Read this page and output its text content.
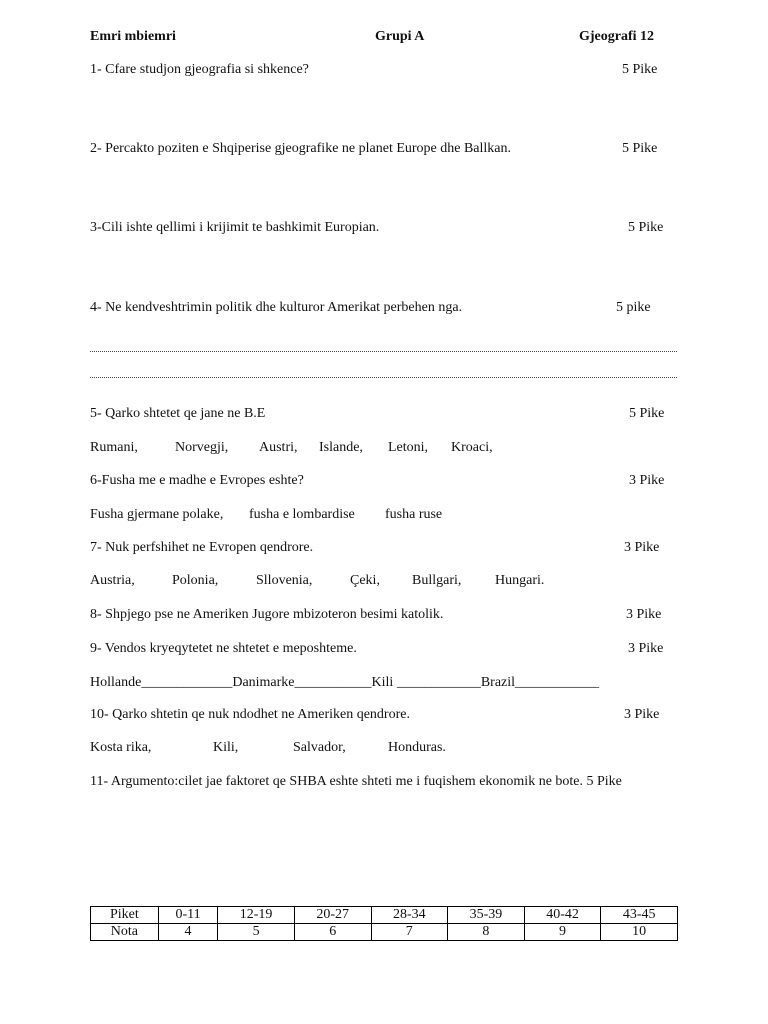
Emri mbiemri	Grupi A	Gjeografi 12
1- Cfare studjon gjeografia si shkence?	5 Pike
2- Percakto poziten e Shqiperise gjeografike ne planet Europe dhe Ballkan.	5 Pike
3-Cili ishte qellimi i krijimit te bashkimit Europian.	5 Pike
4- Ne kendveshtrimin politik dhe kulturor Amerikat perbehen nga.	5 pike
5- Qarko shtetet qe jane ne B.E	5 Pike
Rumani,	Norvegji, Austri, Islande, Letoni, Kroaci,
6-Fusha me e madhe e Evropes eshte?	3 Pike
Fusha gjermane polake, fusha e lombardise fusha ruse
7- Nuk perfshihet ne Evropen qendrore.	3 Pike
Austria,	Polonia,	Sllovenia,	Çeki, Bullgari, Hungari.
8- Shpjego pse ne Ameriken Jugore mbizoteron besimi katolik.	3 Pike
9- Vendos kryeqytetet ne shtetet e meposhteme.	3 Pike
Hollande_____________Danimarke___________Kili ____________Brazil____________
10- Qarko shtetin qe nuk ndodhet ne Ameriken qendrore.	3 Pike
Kosta rika,	Kili,	Salvador,	Honduras.
11- Argumento:cilet jae faktoret qe SHBA eshte shteti me i fuqishem ekonomik ne bote. 5 Pike
Piket	0-11	12-19	20-27	28-34	35-39	40-42	43-45
Nota	4	5	6	7	8	9	10
